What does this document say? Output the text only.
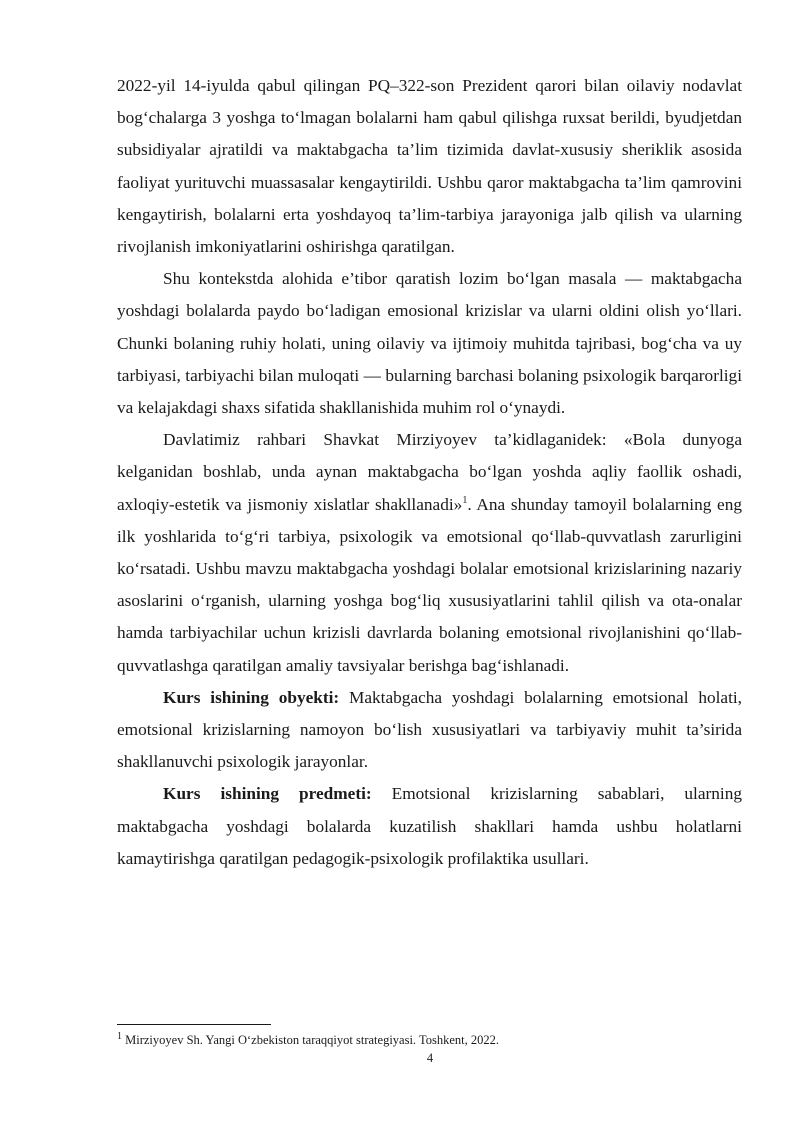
2022-yil 14-iyulda qabul qilingan PQ–322-son Prezident qarori bilan oilaviy nodavlat bog‘chalarga 3 yoshga to‘lmagan bolalarni ham qabul qilishga ruxsat berildi, byudjetdan subsidiyalar ajratildi va maktabgacha ta’lim tizimida davlat-xususiy sheriklik asosida faoliyat yurituvchi muassasalar kengaytirildi. Ushbu qaror maktabgacha ta’lim qamrovini kengaytirish, bolalarni erta yoshdayoq ta’lim-tarbiya jarayoniga jalb qilish va ularning rivojlanish imkoniyatlarini oshirishga qaratilgan.

Shu kontekstda alohida e’tibor qaratish lozim bo‘lgan masala — maktabgacha yoshdagi bolalarda paydo bo‘ladigan emosional krizislar va ularni oldini olish yo‘llari. Chunki bolaning ruhiy holati, uning oilaviy va ijtimoiy muhitda tajribasi, bog‘cha va uy tarbiyasi, tarbiyachi bilan muloqati — bularning barchasi bolaning psixologik barqarorligi va kelajakdagi shaxs sifatida shakllanishida muhim rol o‘ynaydi.

Davlatimiz rahbari Shavkat Mirziyoyev ta’kidlaganidek: «Bola dunyoga kelganidan boshlab, unda aynan maktabgacha bo‘lgan yoshda aqliy faollik oshadi, axloqiy-estetik va jismoniy xislatlar shakllanadi»$^1$. Ana shunday tamoyil bolalarning eng ilk yoshlarida to‘g‘ri tarbiya, psixologik va emotsional qo‘llab-quvvatlash zarurligini ko‘rsatadi. Ushbu mavzu maktabgacha yoshdagi bolalar emotsional krizislarining nazariy asoslarini o‘rganish, ularning yoshga bog‘liq xususiyatlarini tahlil qilish va ota-onalar hamda tarbiyachilar uchun krizisli davrlarda bolaning emotsional rivojlanishini qo‘llab-quvvatlashga qaratilgan amaliy tavsiyalar berishga bag‘ishlanadi.

Kurs ishining obyekti: Maktabgacha yoshdagi bolalarning emotsional holati, emotsional krizislarning namoyon bo‘lish xususiyatlari va tarbiyaviy muhit ta’sirida shakllanuvchi psixologik jarayonlar.

Kurs ishining predmeti: Emotsional krizislarning sabablari, ularning maktabgacha yoshdagi bolalarda kuzatilish shakllari hamda ushbu holatlarni kamaytirishga qaratilgan pedagogik-psixologik profilaktika usullari.

$^1$ Mirziyoyev Sh. Yangi O‘zbekiston taraqqiyot strategiyasi. Toshkent, 2022.

4
